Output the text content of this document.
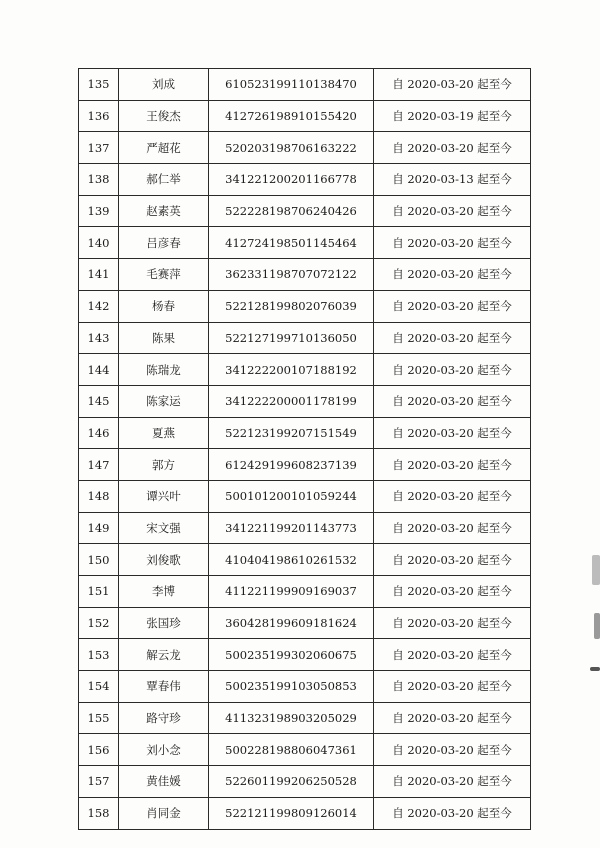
135	刘成	610523199110138470	自 2020-03-20 起至今
136	王俊杰	412726198910155420	自 2020-03-19 起至今
137	严超花	520203198706163222	自 2020-03-20 起至今
138	郝仁举	341221200201166778	自 2020-03-13 起至今
139	赵素英	522228198706240426	自 2020-03-20 起至今
140	吕彦春	412724198501145464	自 2020-03-20 起至今
141	毛赛萍	362331198707072122	自 2020-03-20 起至今
142	杨春	522128199802076039	自 2020-03-20 起至今
143	陈果	522127199710136050	自 2020-03-20 起至今
144	陈瑞龙	341222200107188192	自 2020-03-20 起至今
145	陈家运	341222200001178199	自 2020-03-20 起至今
146	夏燕	522123199207151549	自 2020-03-20 起至今
147	郭方	612429199608237139	自 2020-03-20 起至今
148	谭兴叶	500101200101059244	自 2020-03-20 起至今
149	宋文强	341221199201143773	自 2020-03-20 起至今
150	刘俊歌	410404198610261532	自 2020-03-20 起至今
151	李博	411221199909169037	自 2020-03-20 起至今
152	张国珍	360428199609181624	自 2020-03-20 起至今
153	解云龙	500235199302060675	自 2020-03-20 起至今
154	覃春伟	500235199103050853	自 2020-03-20 起至今
155	路守珍	411323198903205029	自 2020-03-20 起至今
156	刘小念	500228198806047361	自 2020-03-20 起至今
157	黄佳媛	522601199206250528	自 2020-03-20 起至今
158	肖同金	522121199809126014	自 2020-03-20 起至今
